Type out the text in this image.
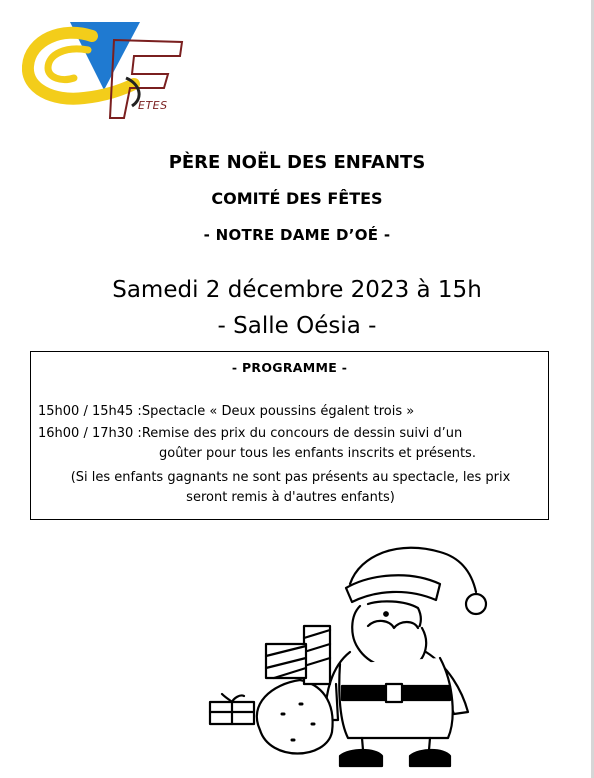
ETES
PÈRE NOËL DES ENFANTS
COMITÉ DES FÊTES
- NOTRE DAME D’OÉ -
Samedi 2 décembre 2023 à 15h
- Salle Oésia -
- PROGRAMME -
15h00 / 15h45 :Spectacle « Deux poussins égalent trois »
16h00 / 17h30 :Remise des prix du concours de dessin suivi d’un
goûter pour tous les enfants inscrits et présents.
(Si les enfants gagnants ne sont pas présents au spectacle, les prix
seront remis à d'autres enfants)
